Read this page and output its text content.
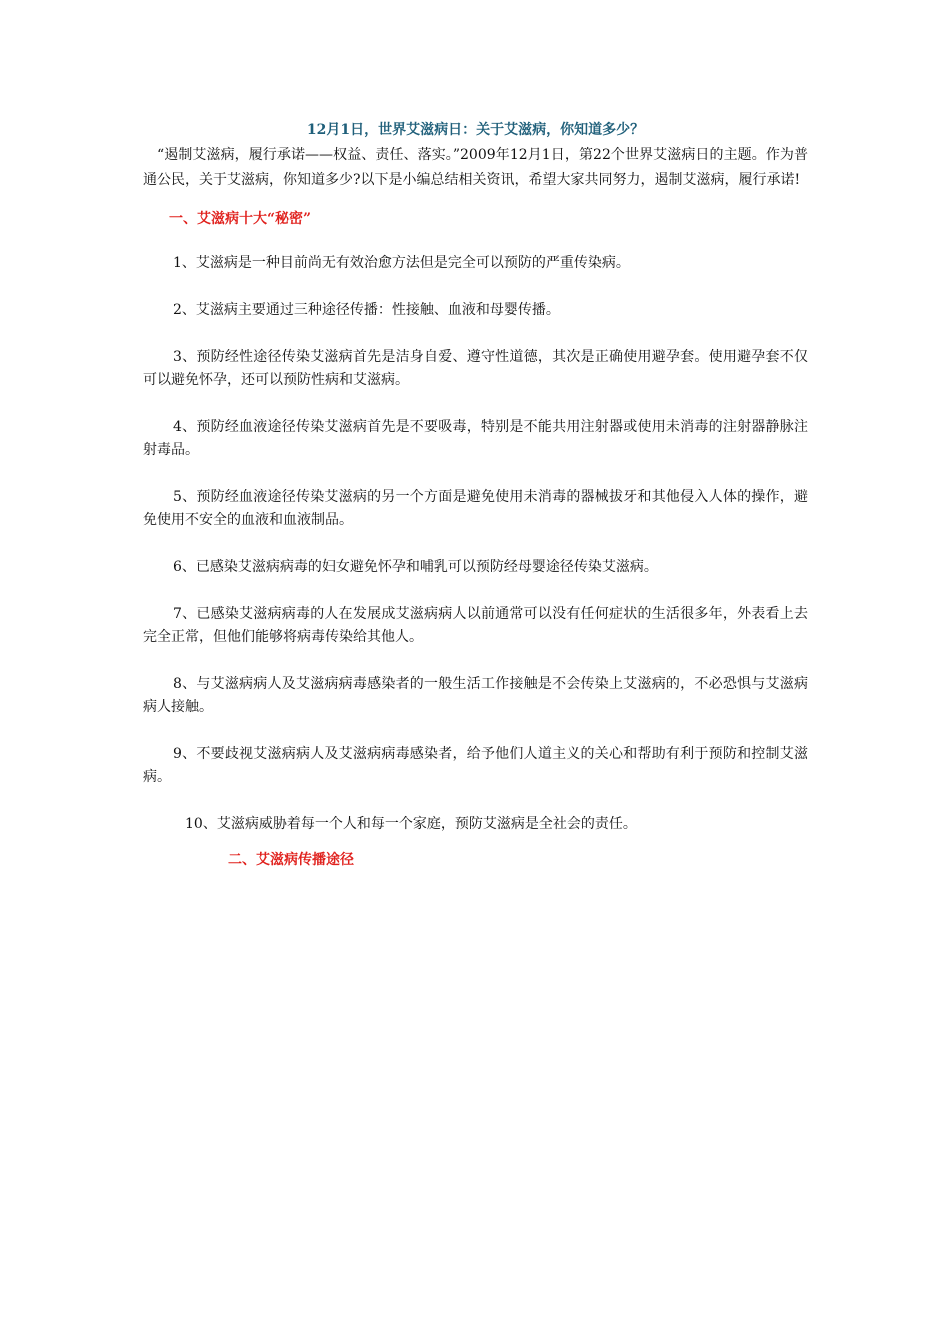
12月1日，世界艾滋病日：关于艾滋病，你知道多少？

“遏制艾滋病，履行承诺——权益、责任、落实。”2009年12月1日，第22个世界艾滋病日的主题。作为普通公民，关于艾滋病，你知道多少?以下是小编总结相关资讯，希望大家共同努力，遏制艾滋病，履行承诺!

一、艾滋病十大“秘密”
1、艾滋病是一种目前尚无有效治愈方法但是完全可以预防的严重传染病。
2、艾滋病主要通过三种途径传播：性接触、血液和母婴传播。
3、预防经性途径传染艾滋病首先是洁身自爱、遵守性道德，其次是正确使用避孕套。使用避孕套不仅可以避免怀孕，还可以预防性病和艾滋病。
4、预防经血液途径传染艾滋病首先是不要吸毒，特别是不能共用注射器或使用未消毒的注射器静脉注射毒品。
5、预防经血液途径传染艾滋病的另一个方面是避免使用未消毒的器械拔牙和其他侵入人体的操作，避免使用不安全的血液和血液制品。
6、已感染艾滋病病毒的妇女避免怀孕和哺乳可以预防经母婴途径传染艾滋病。
7、已感染艾滋病病毒的人在发展成艾滋病病人以前通常可以没有任何症状的生活很多年，外表看上去完全正常，但他们能够将病毒传染给其他人。
8、与艾滋病病人及艾滋病病毒感染者的一般生活工作接触是不会传染上艾滋病的，不必恐惧与艾滋病病人接触。
9、不要歧视艾滋病病人及艾滋病病毒感染者，给予他们人道主义的关心和帮助有利于预防和控制艾滋病。
10、艾滋病威胁着每一个人和每一个家庭，预防艾滋病是全社会的责任。
二、艾滋病传播途径
